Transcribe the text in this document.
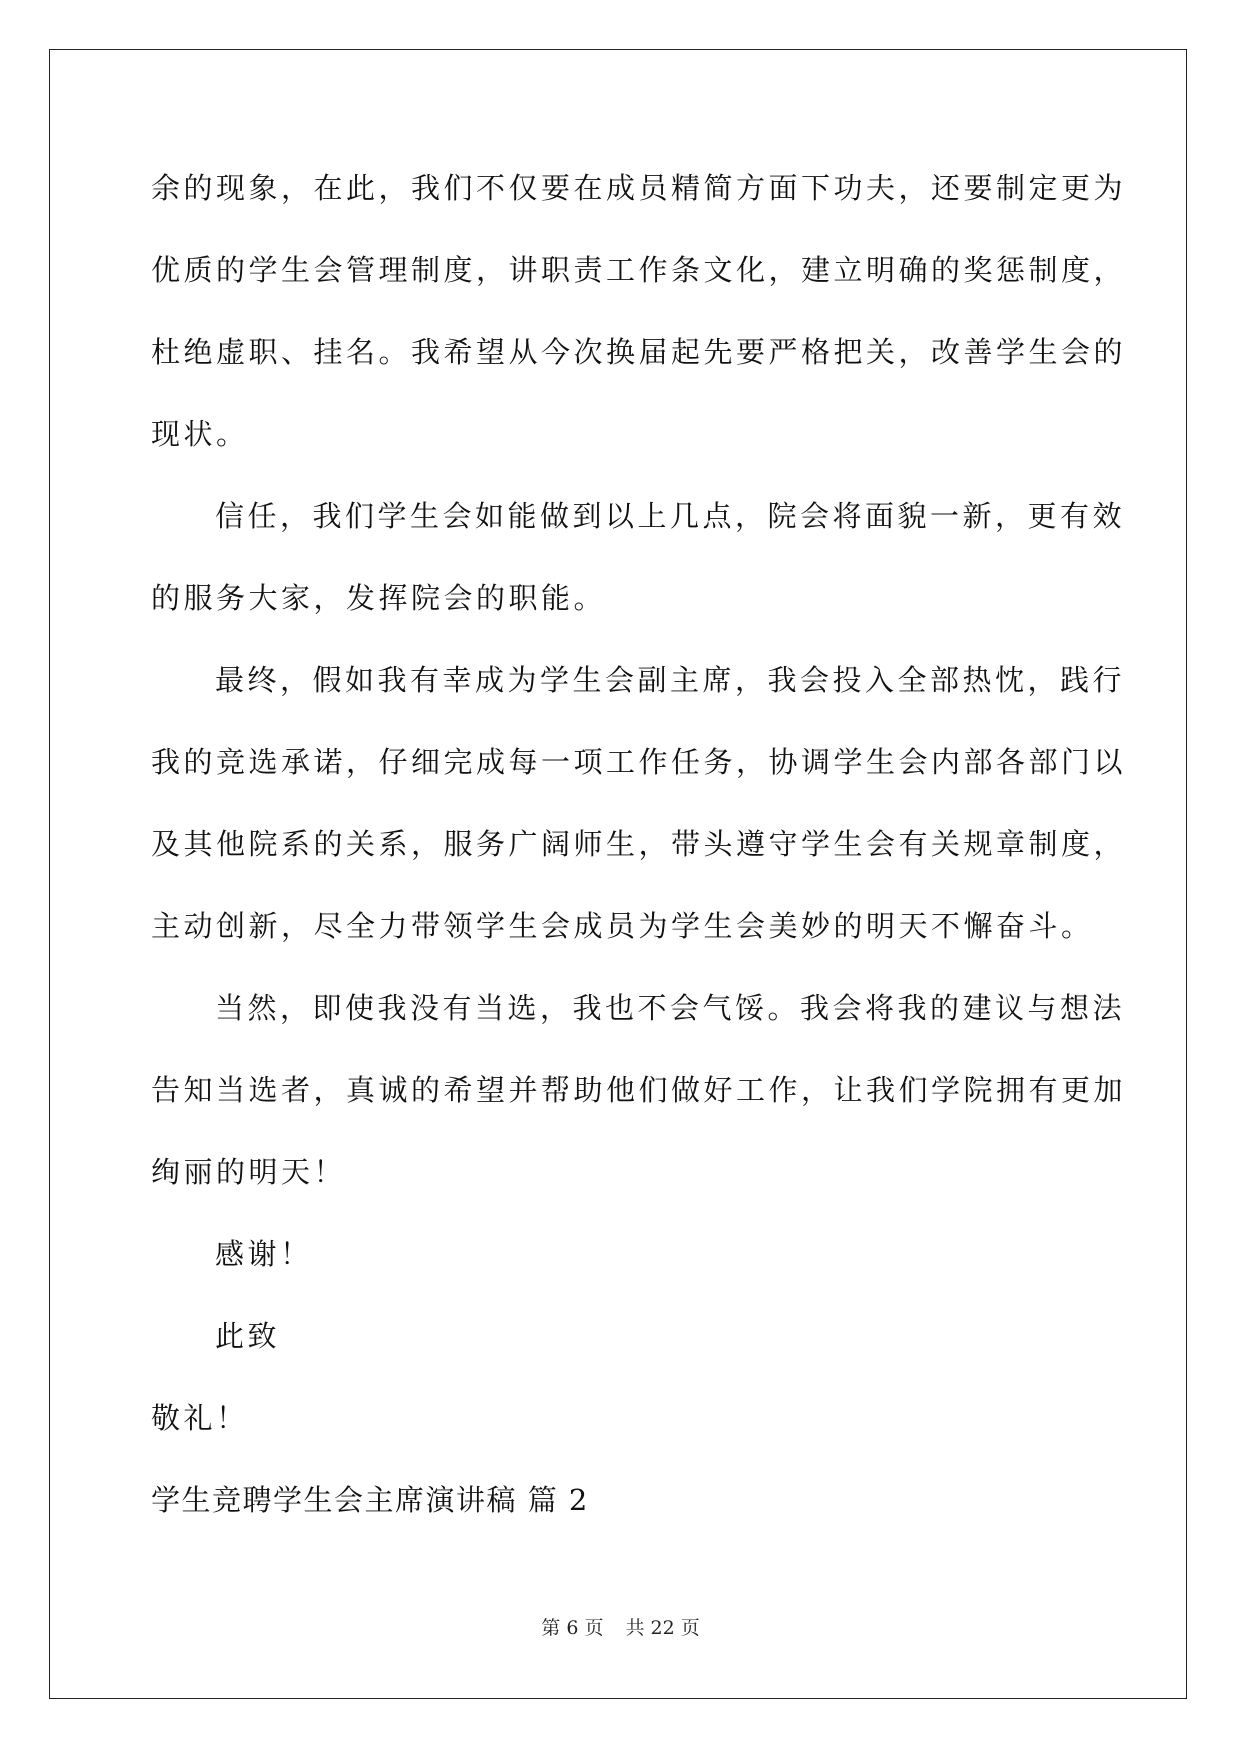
余的现象，在此，我们不仅要在成员精简方面下功夫，还要制定更为
优质的学生会管理制度，讲职责工作条文化，建立明确的奖惩制度，
杜绝虚职、挂名。我希望从今次换届起先要严格把关，改善学生会的
现状。
信任，我们学生会如能做到以上几点，院会将面貌一新，更有效
的服务大家，发挥院会的职能。
最终，假如我有幸成为学生会副主席，我会投入全部热忱，践行
我的竞选承诺，仔细完成每一项工作任务，协调学生会内部各部门以
及其他院系的关系，服务广阔师生，带头遵守学生会有关规章制度，
主动创新，尽全力带领学生会成员为学生会美妙的明天不懈奋斗。
当然，即使我没有当选，我也不会气馁。我会将我的建议与想法
告知当选者，真诚的希望并帮助他们做好工作，让我们学院拥有更加
绚丽的明天！
感谢！
此致
敬礼！
学生竞聘学生会主席演讲稿 篇 2
第 6 页 共 22 页
